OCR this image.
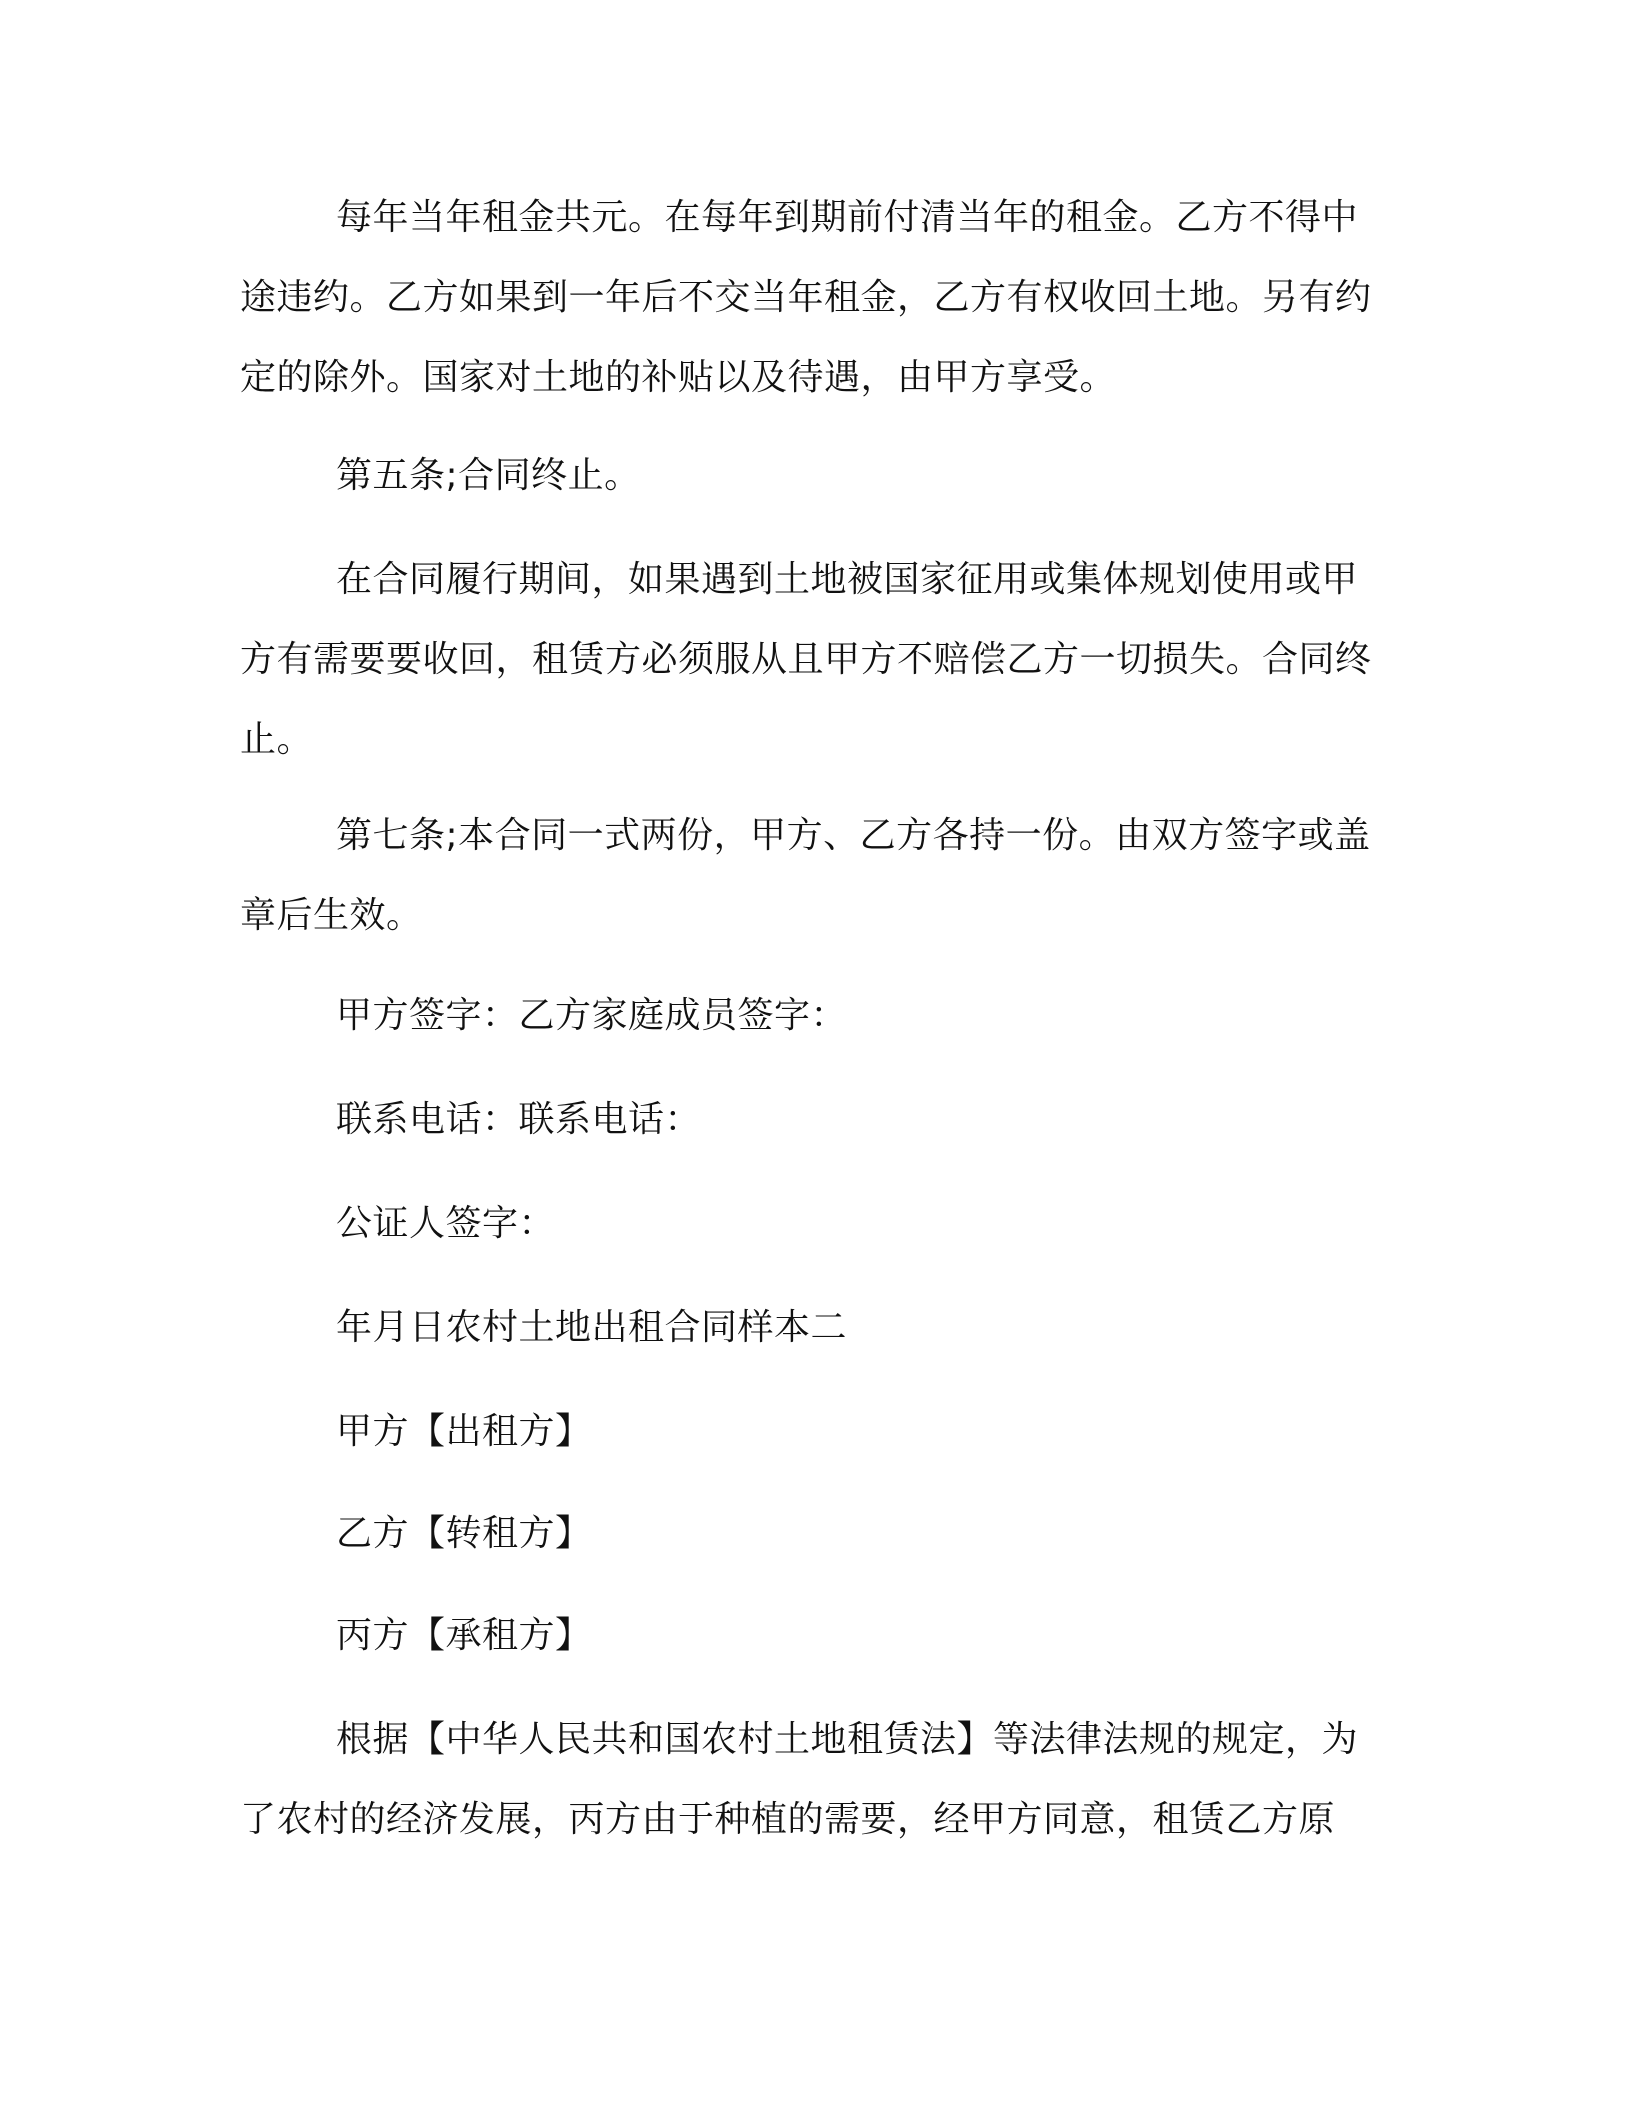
每年当年租金共元。在每年到期前付清当年的租金。乙方不得中途违约。乙方如果到一年后不交当年租金，乙方有权收回土地。另有约定的除外。国家对土地的补贴以及待遇，由甲方享受。

第五条;合同终止。

在合同履行期间，如果遇到土地被国家征用或集体规划使用或甲方有需要要收回，租赁方必须服从且甲方不赔偿乙方一切损失。合同终止。

第七条;本合同一式两份，甲方、乙方各持一份。由双方签字或盖章后生效。

甲方签字：乙方家庭成员签字：

联系电话：联系电话：

公证人签字：

年月日农村土地出租合同样本二

甲方【出租方】

乙方【转租方】

丙方【承租方】

根据【中华人民共和国农村土地租赁法】等法律法规的规定，为了农村的经济发展，丙方由于种植的需要，经甲方同意，租赁乙方原
